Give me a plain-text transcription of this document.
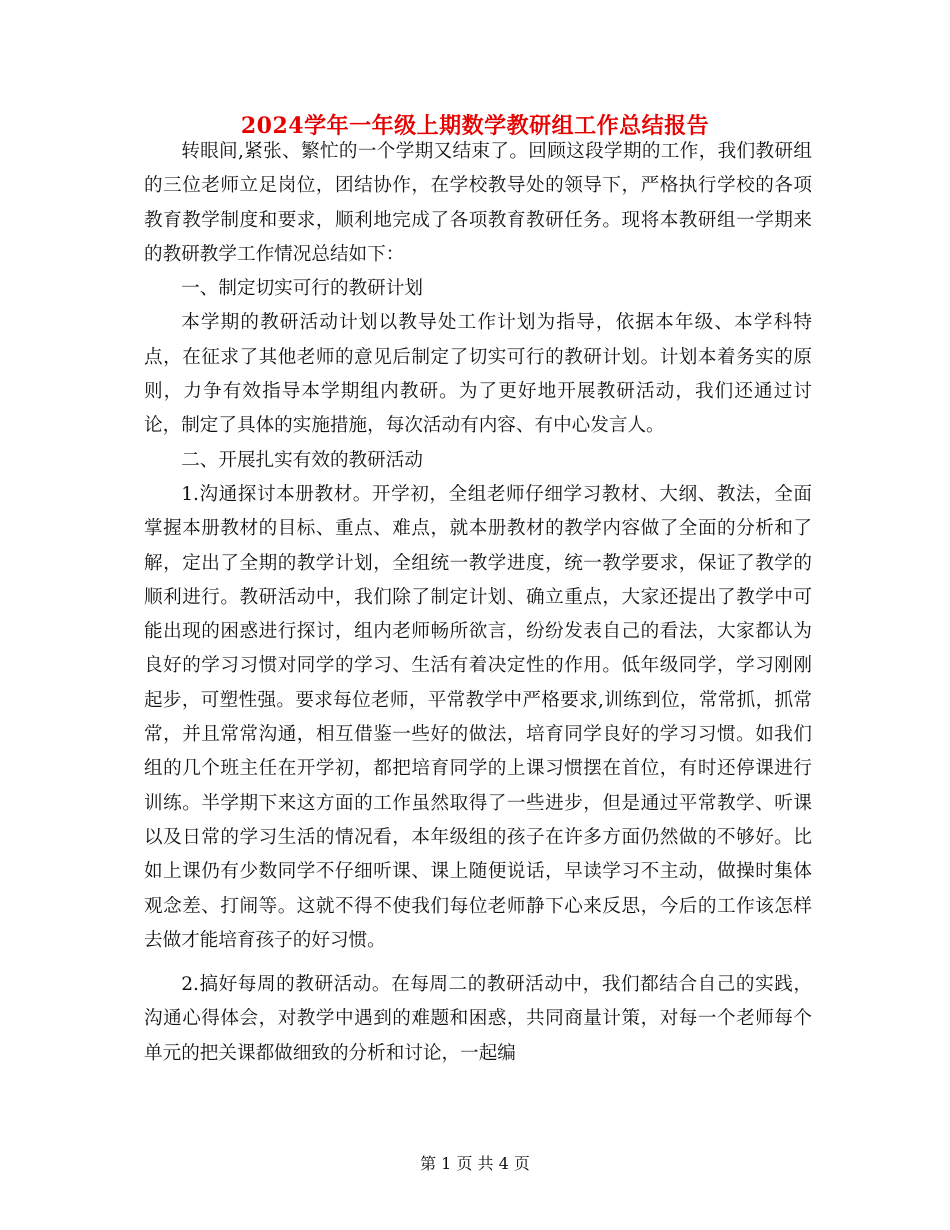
2024学年一年级上期数学教研组工作总结报告

转眼间,紧张、繁忙的一个学期又结束了。回顾这段学期的工作，我们教研组的三位老师立足岗位，团结协作，在学校教导处的领导下，严格执行学校的各项教育教学制度和要求，顺利地完成了各项教育教研任务。现将本教研组一学期来的教研教学工作情况总结如下：

一、制定切实可行的教研计划

本学期的教研活动计划以教导处工作计划为指导，依据本年级、本学科特点，在征求了其他老师的意见后制定了切实可行的教研计划。计划本着务实的原则，力争有效指导本学期组内教研。为了更好地开展教研活动，我们还通过讨论，制定了具体的实施措施，每次活动有内容、有中心发言人。

二、开展扎实有效的教研活动

1.沟通探讨本册教材。开学初，全组老师仔细学习教材、大纲、教法，全面掌握本册教材的目标、重点、难点，就本册教材的教学内容做了全面的分析和了解，定出了全期的教学计划，全组统一教学进度，统一教学要求，保证了教学的顺利进行。教研活动中，我们除了制定计划、确立重点，大家还提出了教学中可能出现的困惑进行探讨，组内老师畅所欲言，纷纷发表自己的看法，大家都认为良好的学习习惯对同学的学习、生活有着决定性的作用。低年级同学，学习刚刚起步，可塑性强。要求每位老师，平常教学中严格要求,训练到位，常常抓，抓常常，并且常常沟通，相互借鉴一些好的做法，培育同学良好的学习习惯。如我们组的几个班主任在开学初，都把培育同学的上课习惯摆在首位，有时还停课进行训练。半学期下来这方面的工作虽然取得了一些进步，但是通过平常教学、听课以及日常的学习生活的情况看，本年级组的孩子在许多方面仍然做的不够好。比如上课仍有少数同学不仔细听课、课上随便说话，早读学习不主动，做操时集体观念差、打闹等。这就不得不使我们每位老师静下心来反思，今后的工作该怎样去做才能培育孩子的好习惯。

2.搞好每周的教研活动。在每周二的教研活动中，我们都结合自己的实践，沟通心得体会，对教学中遇到的难题和困惑，共同商量计策，对每一个老师每个单元的把关课都做细致的分析和讨论，一起编

第 1 页 共 4 页
